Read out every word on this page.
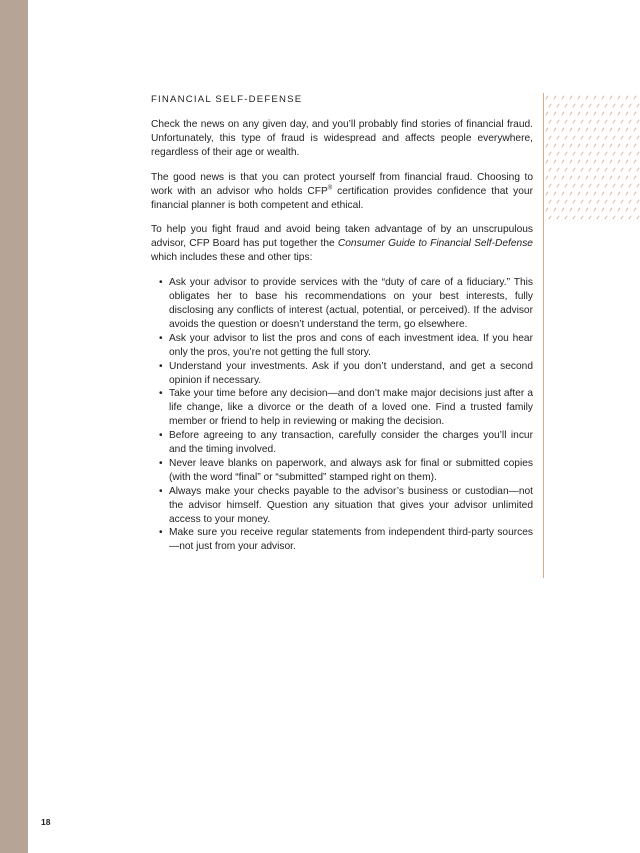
FINANCIAL SELF-DEFENSE

Check the news on any given day, and you’ll probably find stories of financial fraud. Unfortunately, this type of fraud is widespread and affects people everywhere, regardless of their age or wealth.

The good news is that you can protect yourself from financial fraud. Choosing to work with an advisor who holds CFP® certification provides confidence that your financial planner is both competent and ethical.

To help you fight fraud and avoid being taken advantage of by an unscrupulous advisor, CFP Board has put together the Consumer Guide to Financial Self-Defense which includes these and other tips:

• Ask your advisor to provide services with the “duty of care of a fiduciary.” This obligates her to base his recommendations on your best interests, fully disclosing any conflicts of interest (actual, potential, or perceived). If the advisor avoids the question or doesn’t understand the term, go elsewhere.
• Ask your advisor to list the pros and cons of each investment idea. If you hear only the pros, you’re not getting the full story.
• Understand your investments. Ask if you don’t understand, and get a second opinion if necessary.
• Take your time before any decision—and don’t make major decisions just after a life change, like a divorce or the death of a loved one. Find a trusted family member or friend to help in reviewing or making the decision.
• Before agreeing to any transaction, carefully consider the charges you’ll incur and the timing involved.
• Never leave blanks on paperwork, and always ask for final or submitted copies (with the word “final” or “submitted” stamped right on them).
• Always make your checks payable to the advisor’s business or custodian—not the advisor himself. Question any situation that gives your advisor unlimited access to your money.
• Make sure you receive regular statements from independent third-party sources—not just from your advisor.
18
